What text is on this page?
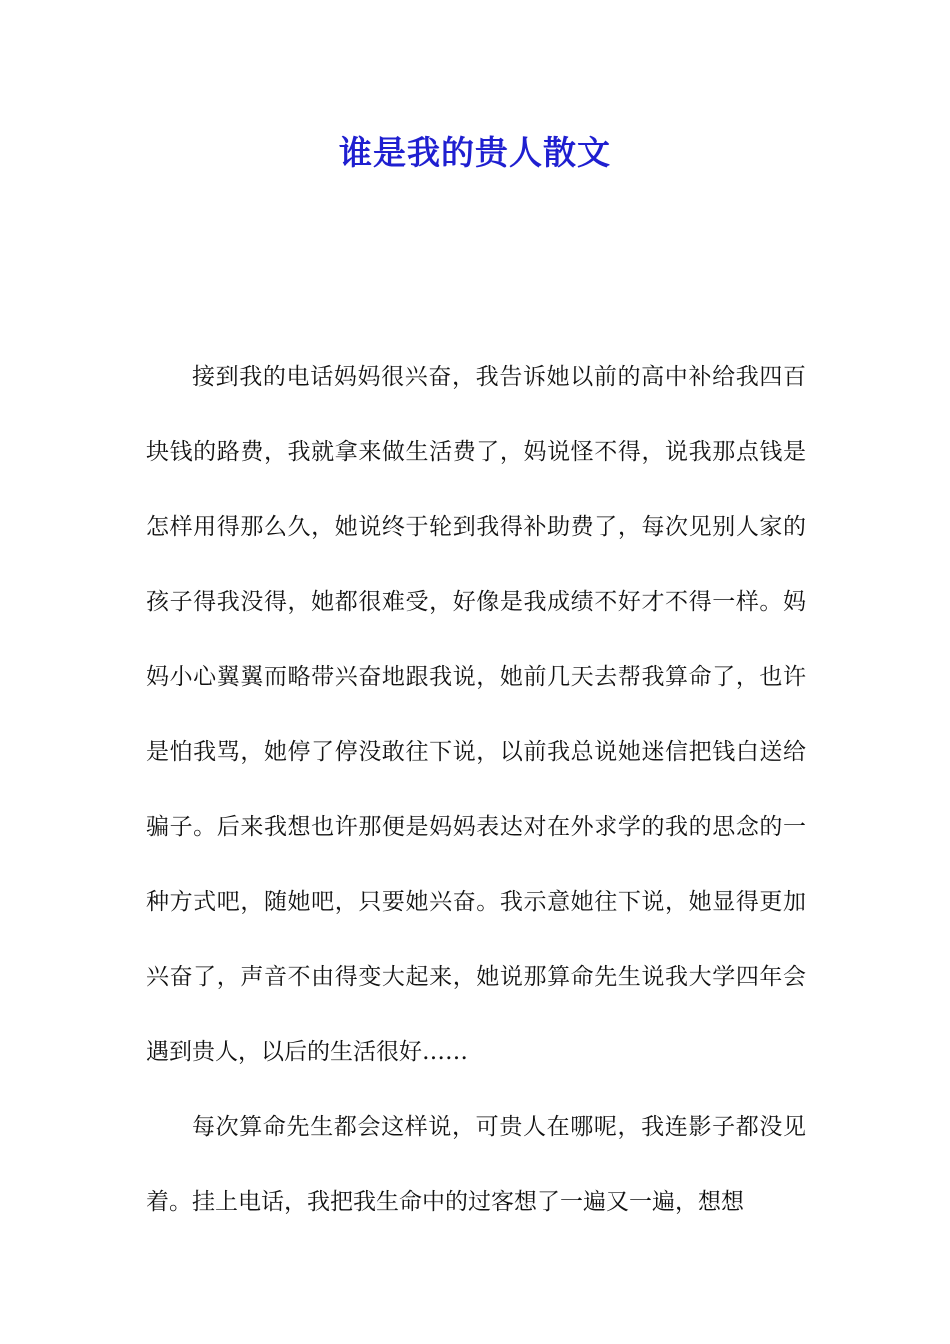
谁是我的贵人散文

接到我的电话妈妈很兴奋，我告诉她以前的高中补给我四百块钱的路费，我就拿来做生活费了，妈说怪不得，说我那点钱是怎样用得那么久，她说终于轮到我得补助费了，每次见别人家的孩子得我没得，她都很难受，好像是我成绩不好才不得一样。妈妈小心翼翼而略带兴奋地跟我说，她前几天去帮我算命了，也许是怕我骂，她停了停没敢往下说，以前我总说她迷信把钱白送给骗子。后来我想也许那便是妈妈表达对在外求学的我的思念的一种方式吧，随她吧，只要她兴奋。我示意她往下说，她显得更加兴奋了，声音不由得变大起来，她说那算命先生说我大学四年会遇到贵人，以后的生活很好……

每次算命先生都会这样说，可贵人在哪呢，我连影子都没见着。挂上电话，我把我生命中的过客想了一遍又一遍，想想
